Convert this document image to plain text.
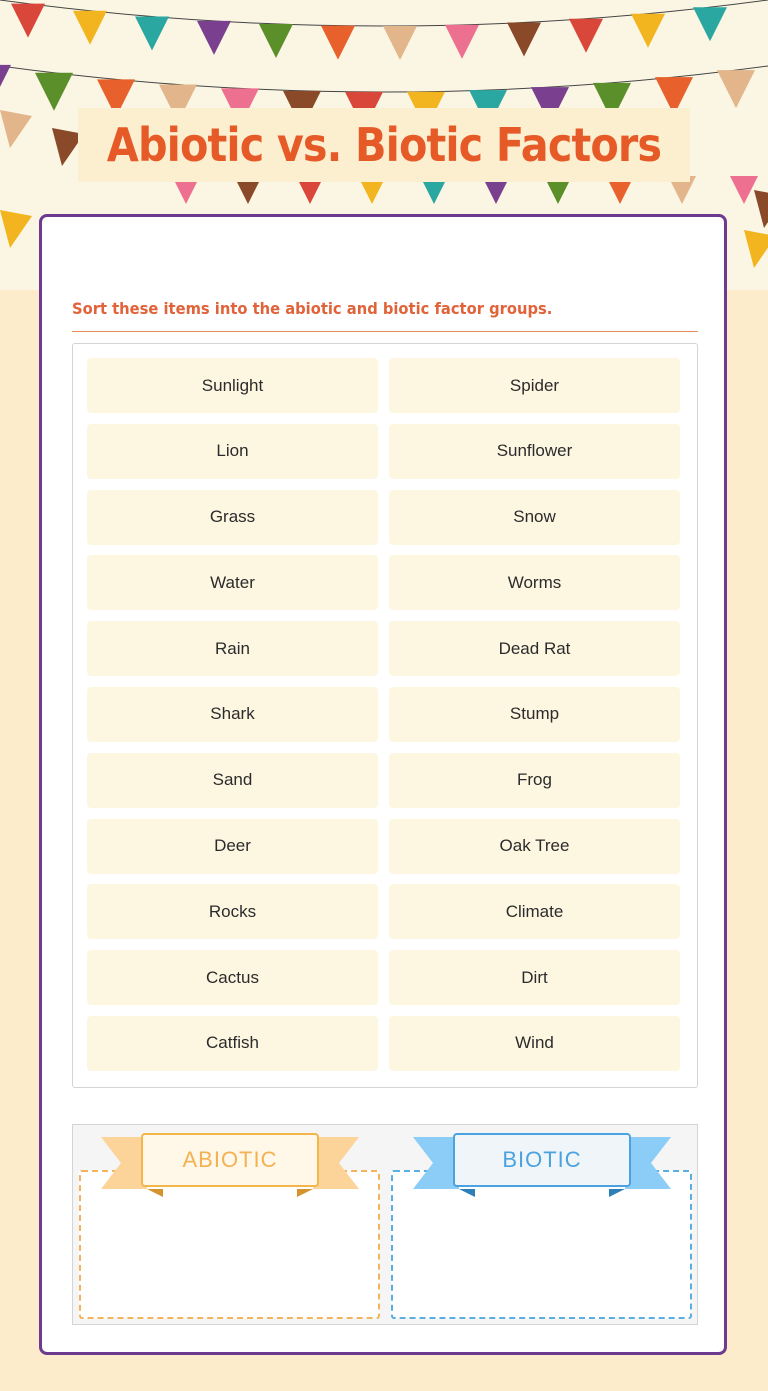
Abiotic vs. Biotic Factors

Sort these items into the abiotic and biotic factor groups.

Sunlight	Spider
Lion	Sunflower
Grass	Snow
Water	Worms
Rain	Dead Rat
Shark	Stump
Sand	Frog
Deer	Oak Tree
Rocks	Climate
Cactus	Dirt
Catfish	Wind
ABIOTIC	BIOTIC
